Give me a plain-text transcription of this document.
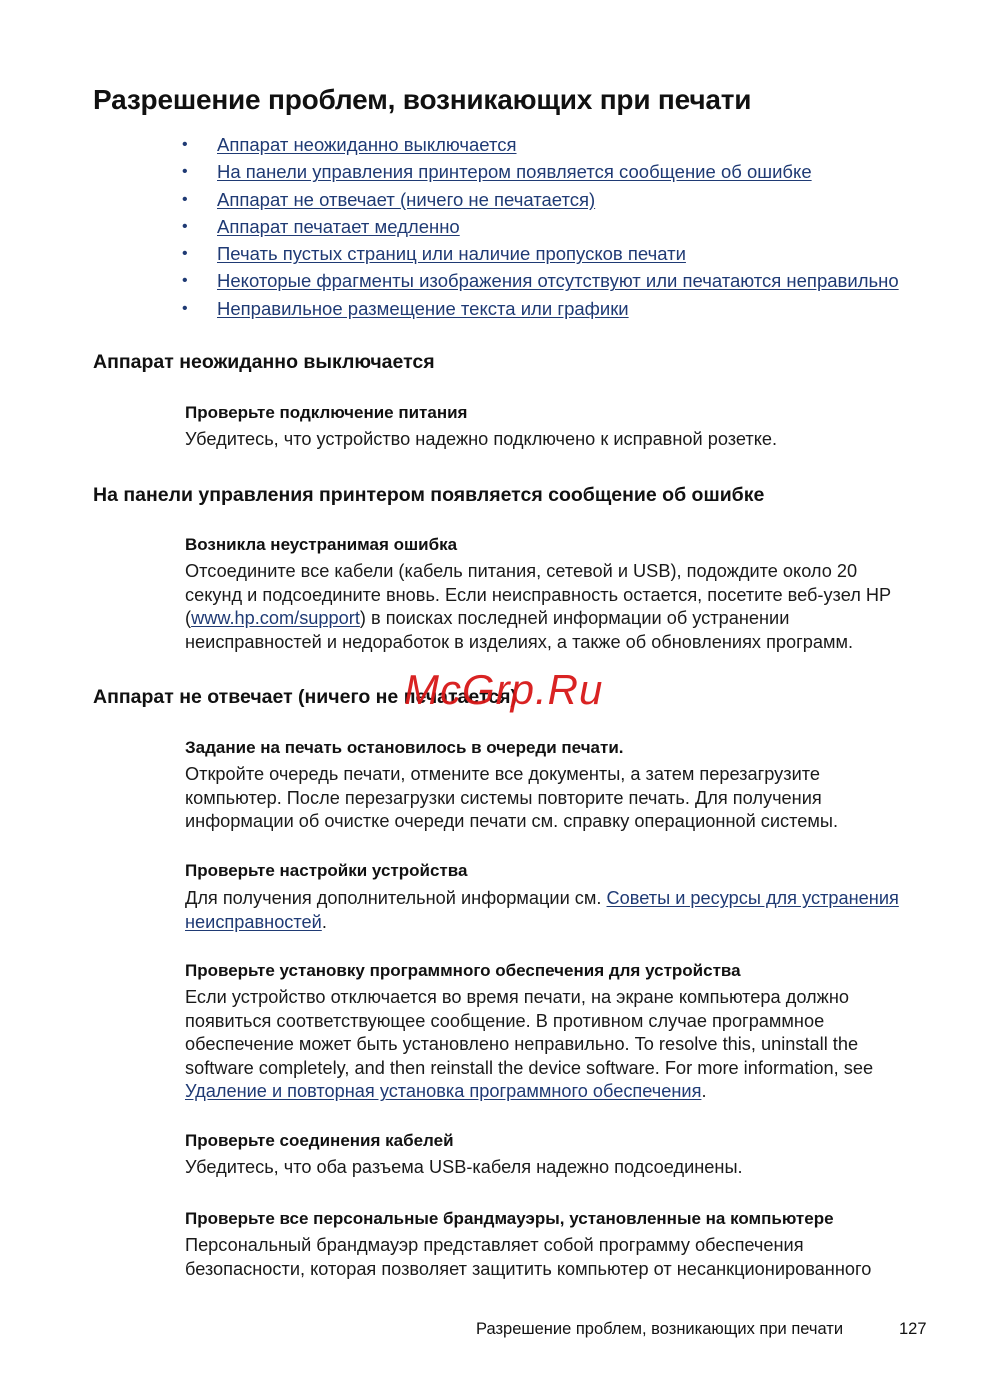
Разрешение проблем, возникающих при печати
• Аппарат неожиданно выключается
• На панели управления принтером появляется сообщение об ошибке
• Аппарат не отвечает (ничего не печатается)
• Аппарат печатает медленно
• Печать пустых страниц или наличие пропусков печати
• Некоторые фрагменты изображения отсутствуют или печатаются неправильно
• Неправильное размещение текста или графики
Аппарат неожиданно выключается
Проверьте подключение питания

Убедитесь, что устройство надежно подключено к исправной розетке.

На панели управления принтером появляется сообщение об ошибке
Возникла неустранимая ошибка

Отсоедините все кабели (кабель питания, сетевой и USB), подождите около 20
секунд и подсоедините вновь. Если неисправность остается, посетите веб-узел HP
(www.hp.com/support) в поисках последней информации об устранении
неисправностей и недоработок в изделиях, а также об обновлениях программ.

Аппарат не отвечает (ничего не печатается)
Задание на печать остановилось в очереди печати.

Откройте очередь печати, отмените все документы, а затем перезагрузите
компьютер. После перезагрузки системы повторите печать. Для получения
информации об очистке очереди печати см. справку операционной системы.

Проверьте настройки устройства

Для получения дополнительной информации см. Советы и ресурсы для устранения
неисправностей.

Проверьте установку программного обеспечения для устройства

Если устройство отключается во время печати, на экране компьютера должно
появиться соответствующее сообщение. В противном случае программное
обеспечение может быть установлено неправильно. To resolve this, uninstall the
software completely, and then reinstall the device software. For more information, see
Удаление и повторная установка программного обеспечения.

Проверьте соединения кабелей

Убедитесь, что оба разъема USB-кабеля надежно подсоединены.

Проверьте все персональные брандмауэры, установленные на компьютере

Персональный брандмауэр представляет собой программу обеспечения
безопасности, которая позволяет защитить компьютер от несанкционированного

McGrp.Ru
Разрешение проблем, возникающих при печати	127
